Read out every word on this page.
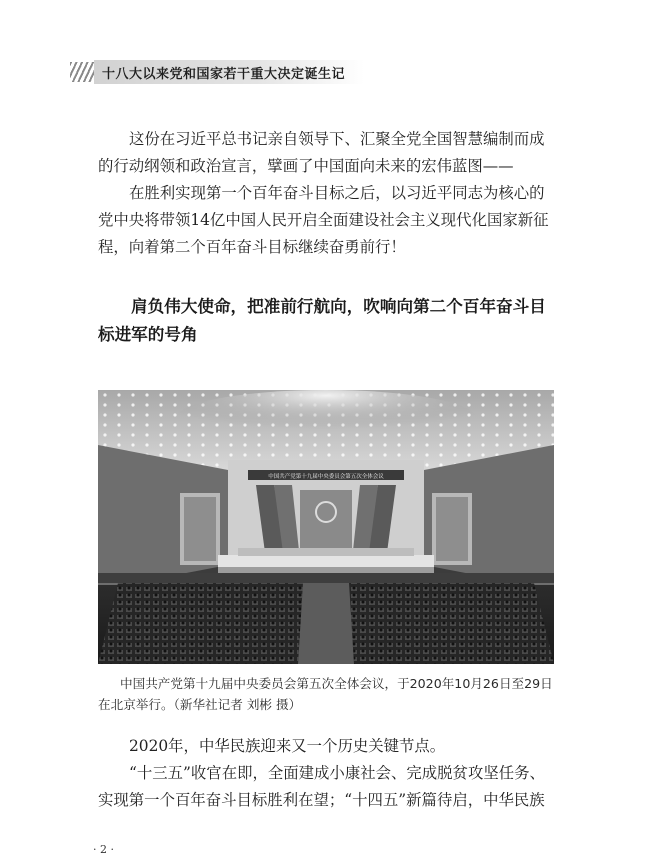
十八大以来党和国家若干重大决定诞生记

这份在习近平总书记亲自领导下、汇聚全党全国智慧编制而成的行动纲领和政治宣言，擘画了中国面向未来的宏伟蓝图——

在胜利实现第一个百年奋斗目标之后，以习近平同志为核心的党中央将带领14亿中国人民开启全面建设社会主义现代化国家新征程，向着第二个百年奋斗目标继续奋勇前行！

肩负伟大使命，把准前行航向，吹响向第二个百年奋斗目标进军的号角
中国共产党第十九届中央委员会第五次全体会议

中国共产党第十九届中央委员会第五次全体会议，于2020年10月26日至29日在北京举行。（新华社记者 刘彬 摄）

2020年，中华民族迎来又一个历史关键节点。

“十三五”收官在即，全面建成小康社会、完成脱贫攻坚任务、实现第一个百年奋斗目标胜利在望；“十四五”新篇待启，中华民族

· 2 ·
